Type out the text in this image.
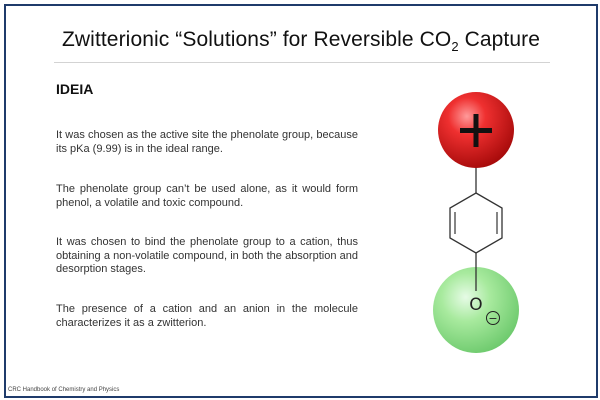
Zwitterionic “Solutions” for Reversible $CO_2$ Capture
IDEIA
It was chosen as the active site the phenolate group, because its pKa (9.99) is in the ideal range.
The phenolate group can’t be used alone, as it would form phenol, a volatile and toxic compound.
It was chosen to bind the phenolate group to a cation, thus obtaining a non-volatile compound, in both the absorption and desorption stages.
The presence of a cation and an anion in the molecule characterizes it as a zwitterion.
CRC Handbook of Chemistry and Physics
O
−
